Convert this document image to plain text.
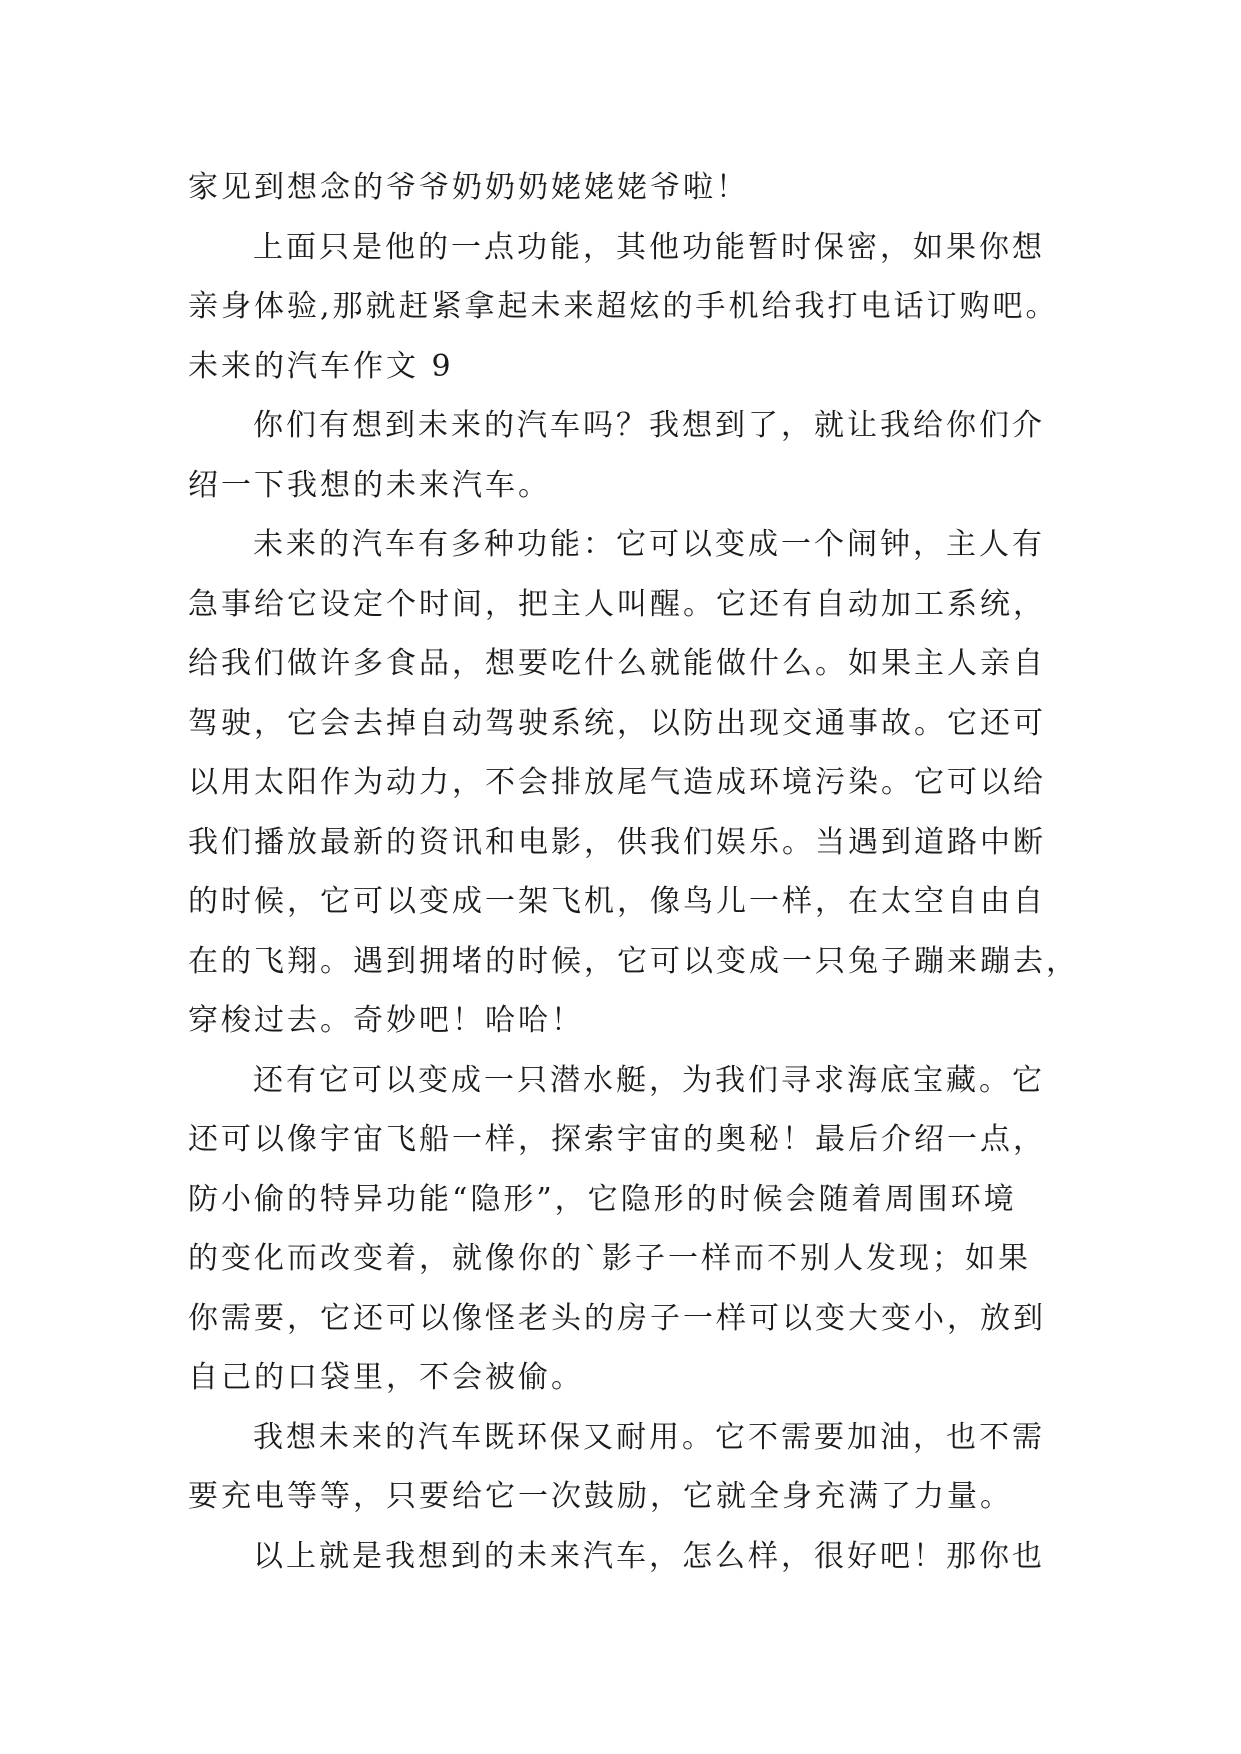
家见到想念的爷爷奶奶奶姥姥姥爷啦！

上面只是他的一点功能，其他功能暂时保密，如果你想
亲身体验,那就赶紧拿起未来超炫的手机给我打电话订购吧。

未来的汽车作文 9

你们有想到未来的汽车吗？我想到了，就让我给你们介
绍一下我想的未来汽车。

未来的汽车有多种功能：它可以变成一个闹钟，主人有
急事给它设定个时间，把主人叫醒。它还有自动加工系统，
给我们做许多食品，想要吃什么就能做什么。如果主人亲自
驾驶，它会去掉自动驾驶系统，以防出现交通事故。它还可
以用太阳作为动力，不会排放尾气造成环境污染。它可以给
我们播放最新的资讯和电影，供我们娱乐。当遇到道路中断
的时候，它可以变成一架飞机，像鸟儿一样，在太空自由自
在的飞翔。遇到拥堵的时候，它可以变成一只兔子蹦来蹦去，
穿梭过去。奇妙吧！哈哈！

还有它可以变成一只潜水艇，为我们寻求海底宝藏。它
还可以像宇宙飞船一样，探索宇宙的奥秘！最后介绍一点，
防小偷的特异功能“隐形”，它隐形的时候会随着周围环境
的变化而改变着，就像你的`影子一样而不别人发现；如果
你需要，它还可以像怪老头的房子一样可以变大变小，放到
自己的口袋里，不会被偷。

我想未来的汽车既环保又耐用。它不需要加油，也不需
要充电等等，只要给它一次鼓励，它就全身充满了力量。

以上就是我想到的未来汽车，怎么样，很好吧！那你也
